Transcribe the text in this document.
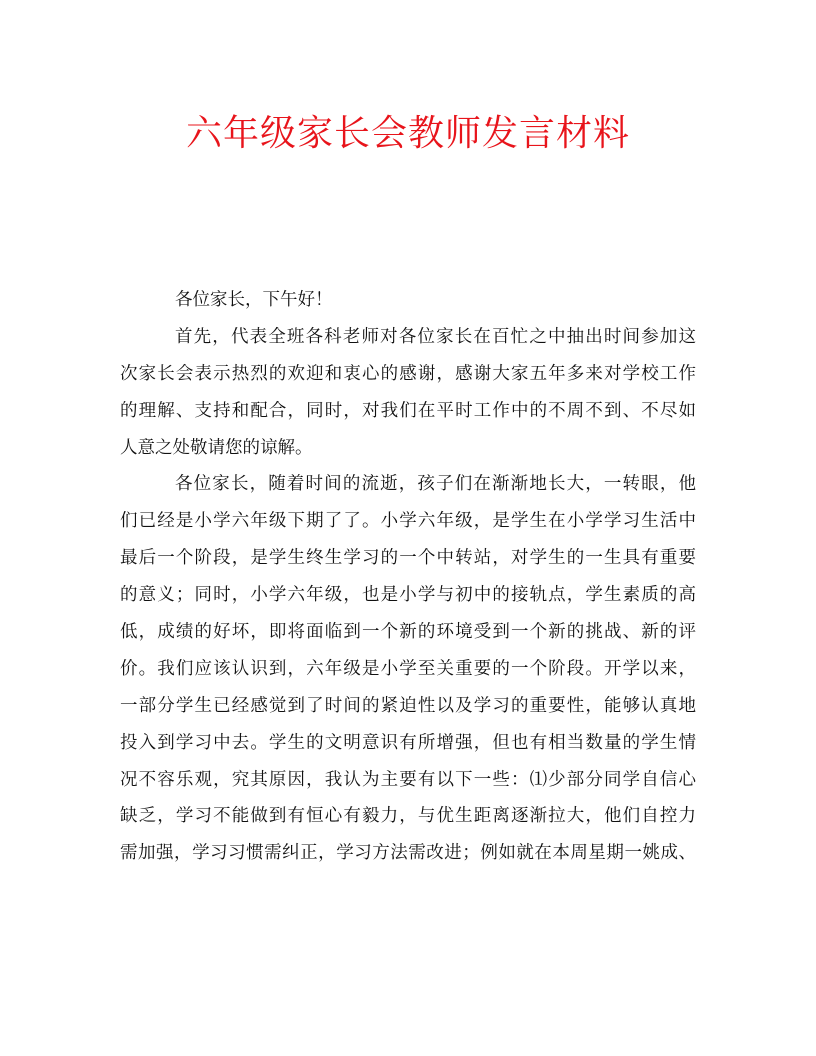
六年级家长会教师发言材料
各位家长，下午好！
首先，代表全班各科老师对各位家长在百忙之中抽出时间参加这
次家长会表示热烈的欢迎和衷心的感谢，感谢大家五年多来对学校工作
的理解、支持和配合，同时，对我们在平时工作中的不周不到、不尽如
人意之处敬请您的谅解。
各位家长，随着时间的流逝，孩子们在渐渐地长大，一转眼，他
们已经是小学六年级下期了了。小学六年级，是学生在小学学习生活中
最后一个阶段，是学生终生学习的一个中转站，对学生的一生具有重要
的意义；同时，小学六年级，也是小学与初中的接轨点，学生素质的高
低，成绩的好坏，即将面临到一个新的环境受到一个新的挑战、新的评
价。我们应该认识到，六年级是小学至关重要的一个阶段。开学以来，
一部分学生已经感觉到了时间的紧迫性以及学习的重要性，能够认真地
投入到学习中去。学生的文明意识有所增强，但也有相当数量的学生情
况不容乐观，究其原因，我认为主要有以下一些：⑴少部分同学自信心
缺乏，学习不能做到有恒心有毅力，与优生距离逐渐拉大，他们自控力
需加强，学习习惯需纠正，学习方法需改进；例如就在本周星期一姚成、
